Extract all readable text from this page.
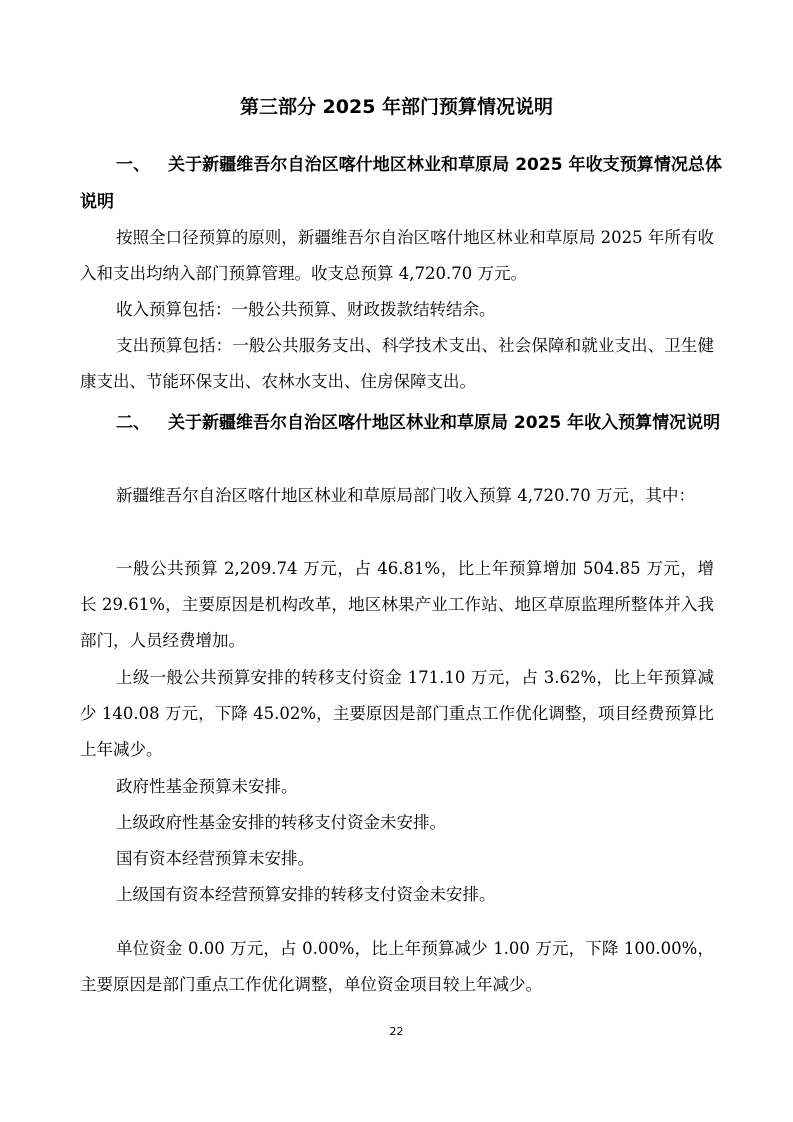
第三部分 2025 年部门预算情况说明
一、 关于新疆维吾尔自治区喀什地区林业和草原局 2025 年收支预算情况总体说明

按照全口径预算的原则，新疆维吾尔自治区喀什地区林业和草原局 2025 年所有收入和支出均纳入部门预算管理。收支总预算 4,720.70 万元。

收入预算包括：一般公共预算、财政拨款结转结余。

支出预算包括：一般公共服务支出、科学技术支出、社会保障和就业支出、卫生健康支出、节能环保支出、农林水支出、住房保障支出。

二、 关于新疆维吾尔自治区喀什地区林业和草原局 2025 年收入预算情况说明

新疆维吾尔自治区喀什地区林业和草原局部门收入预算 4,720.70 万元，其中：

一般公共预算 2,209.74 万元，占 46.81%，比上年预算增加 504.85 万元，增长 29.61%，主要原因是机构改革，地区林果产业工作站、地区草原监理所整体并入我部门，人员经费增加。

上级一般公共预算安排的转移支付资金 171.10 万元，占 3.62%，比上年预算减少 140.08 万元，下降 45.02%，主要原因是部门重点工作优化调整，项目经费预算比上年减少。

政府性基金预算未安排。

上级政府性基金安排的转移支付资金未安排。

国有资本经营预算未安排。

上级国有资本经营预算安排的转移支付资金未安排。

单位资金 0.00 万元，占 0.00%，比上年预算减少 1.00 万元，下降 100.00%，主要原因是部门重点工作优化调整，单位资金项目较上年减少。

22
